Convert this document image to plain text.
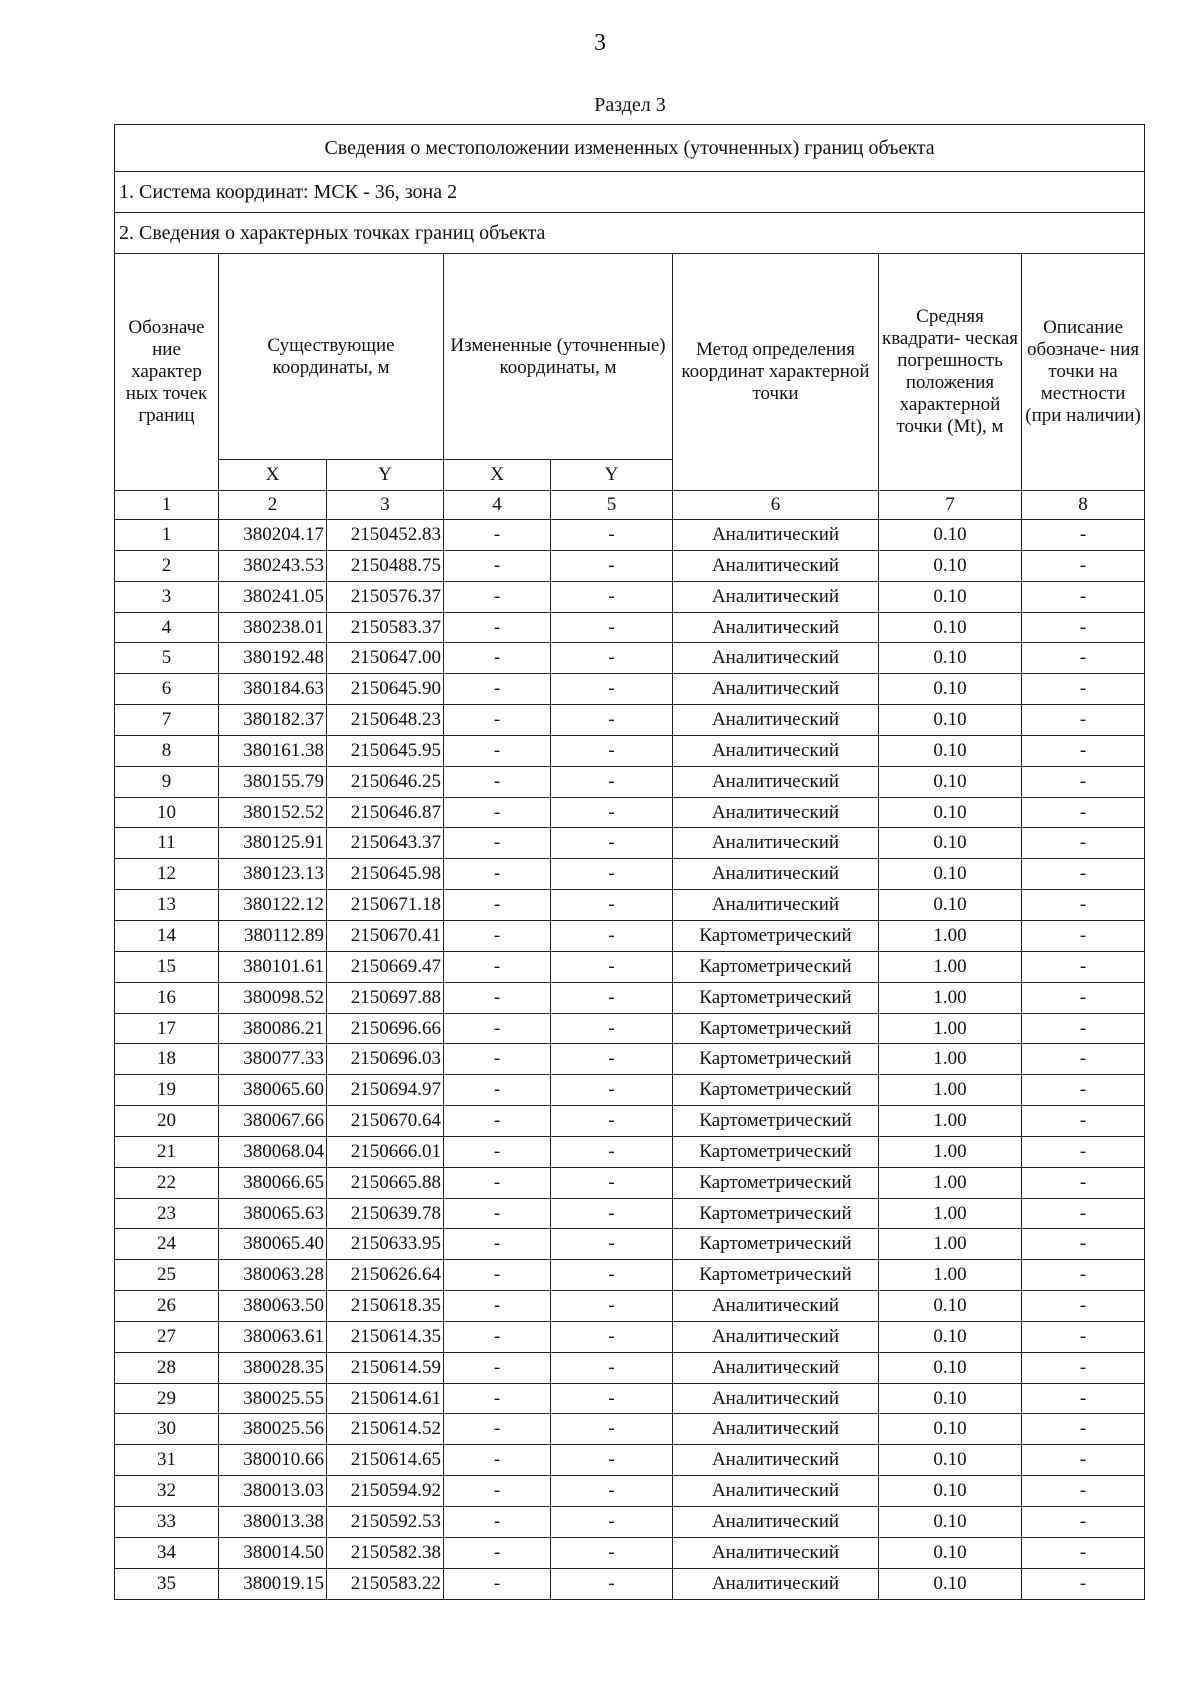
3
Раздел 3
Сведения о местоположении измененных (уточненных) границ объекта							
1. Система координат: МСК - 36, зона 2							
2. Сведения о характерных точках границ объекта							
Обозначе ние характер ных точек границ	Существующие координаты, м		Измененные (уточненные) координаты, м		Метод определения координат характерной точки	Средняя квадрати- ческая погрешность положения характерной точки (Mt), м	Описание обозначе- ния точки на местности (при наличии)
	X	Y	X	Y			
1	2	3	4	5	6	7	8
1	380204.17	2150452.83	-	-	Аналитический	0.10	-
2	380243.53	2150488.75	-	-	Аналитический	0.10	-
3	380241.05	2150576.37	-	-	Аналитический	0.10	-
4	380238.01	2150583.37	-	-	Аналитический	0.10	-
5	380192.48	2150647.00	-	-	Аналитический	0.10	-
6	380184.63	2150645.90	-	-	Аналитический	0.10	-
7	380182.37	2150648.23	-	-	Аналитический	0.10	-
8	380161.38	2150645.95	-	-	Аналитический	0.10	-
9	380155.79	2150646.25	-	-	Аналитический	0.10	-
10	380152.52	2150646.87	-	-	Аналитический	0.10	-
11	380125.91	2150643.37	-	-	Аналитический	0.10	-
12	380123.13	2150645.98	-	-	Аналитический	0.10	-
13	380122.12	2150671.18	-	-	Аналитический	0.10	-
14	380112.89	2150670.41	-	-	Картометрический	1.00	-
15	380101.61	2150669.47	-	-	Картометрический	1.00	-
16	380098.52	2150697.88	-	-	Картометрический	1.00	-
17	380086.21	2150696.66	-	-	Картометрический	1.00	-
18	380077.33	2150696.03	-	-	Картометрический	1.00	-
19	380065.60	2150694.97	-	-	Картометрический	1.00	-
20	380067.66	2150670.64	-	-	Картометрический	1.00	-
21	380068.04	2150666.01	-	-	Картометрический	1.00	-
22	380066.65	2150665.88	-	-	Картометрический	1.00	-
23	380065.63	2150639.78	-	-	Картометрический	1.00	-
24	380065.40	2150633.95	-	-	Картометрический	1.00	-
25	380063.28	2150626.64	-	-	Картометрический	1.00	-
26	380063.50	2150618.35	-	-	Аналитический	0.10	-
27	380063.61	2150614.35	-	-	Аналитический	0.10	-
28	380028.35	2150614.59	-	-	Аналитический	0.10	-
29	380025.55	2150614.61	-	-	Аналитический	0.10	-
30	380025.56	2150614.52	-	-	Аналитический	0.10	-
31	380010.66	2150614.65	-	-	Аналитический	0.10	-
32	380013.03	2150594.92	-	-	Аналитический	0.10	-
33	380013.38	2150592.53	-	-	Аналитический	0.10	-
34	380014.50	2150582.38	-	-	Аналитический	0.10	-
35	380019.15	2150583.22	-	-	Аналитический	0.10	-
